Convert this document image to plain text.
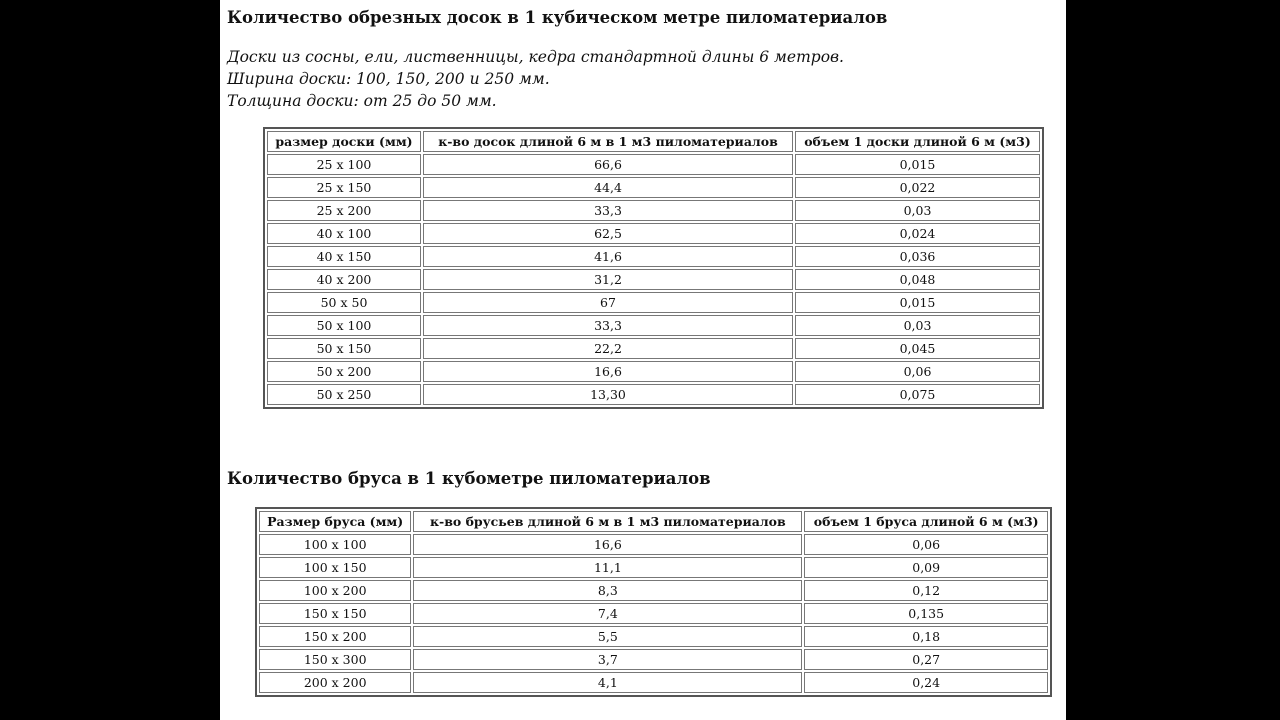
Количество обрезных досок в 1 кубическом метре пиломатериалов
Доски из сосны, ели, лиственницы, кедра стандартной длины 6 метров.
Ширина доски: 100, 150, 200 и 250 мм.
Толщина доски: от 25 до 50 мм.
размер доски (мм)	к-во досок длиной 6 м в 1 м3 пиломатериалов	объем 1 доски длиной 6 м (м3)
25 х 100	66,6	0,015
25 х 150	44,4	0,022
25 х 200	33,3	0,03
40 х 100	62,5	0,024
40 х 150	41,6	0,036
40 х 200	31,2	0,048
50 х 50	67	0,015
50 х 100	33,3	0,03
50 х 150	22,2	0,045
50 х 200	16,6	0,06
50 х 250	13,30	0,075
Количество бруса в 1 кубометре пиломатериалов
Размер бруса (мм)	к-во брусьев длиной 6 м в 1 м3 пиломатериалов	объем 1 бруса длиной 6 м (м3)
100 х 100	16,6	0,06
100 х 150	11,1	0,09
100 х 200	8,3	0,12
150 х 150	7,4	0,135
150 х 200	5,5	0,18
150 х 300	3,7	0,27
200 х 200	4,1	0,24
